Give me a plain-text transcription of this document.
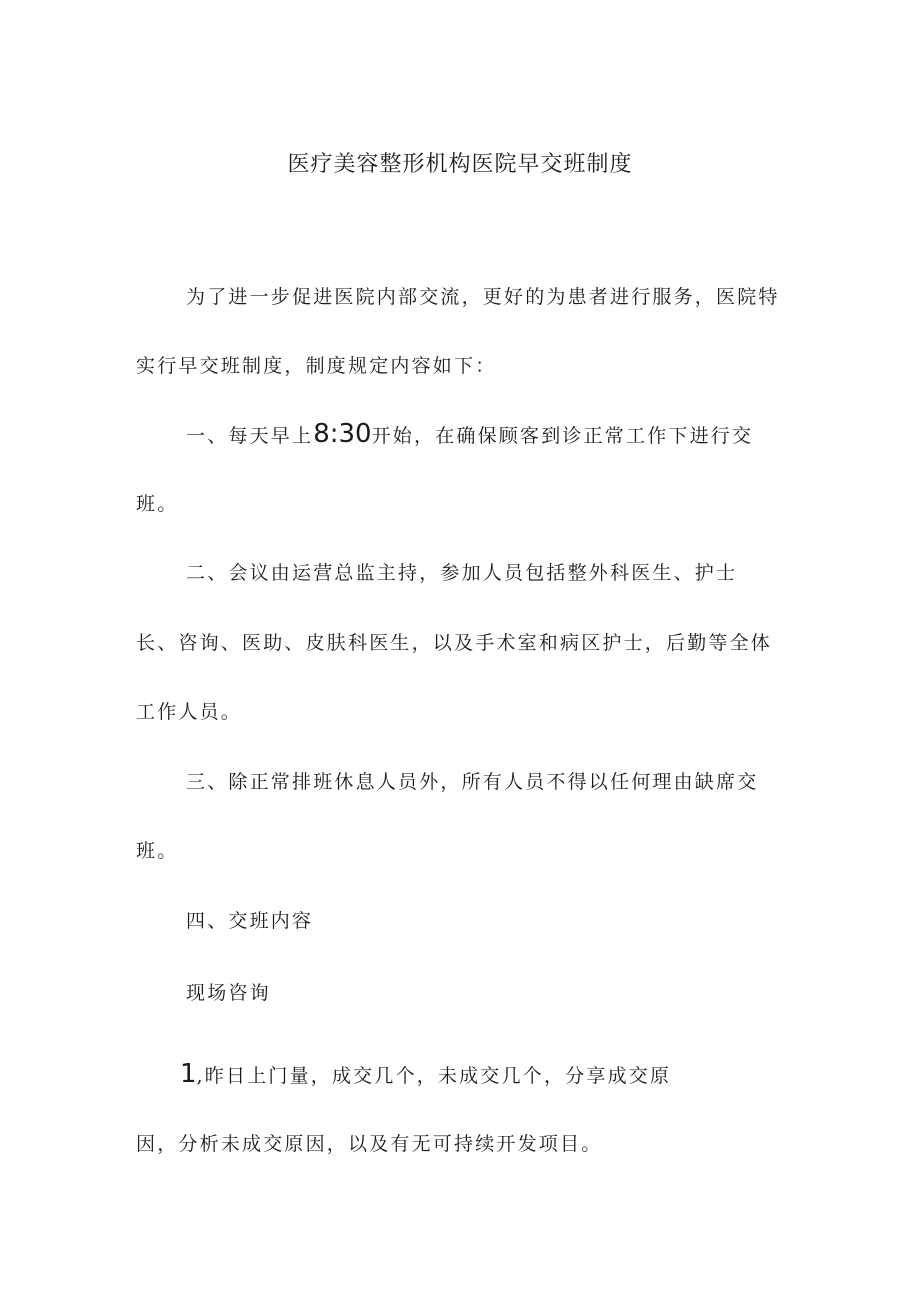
医疗美容整形机构医院早交班制度

为了进一步促进医院内部交流，更好的为患者进行服务，医院特

实行早交班制度，制度规定内容如下：

一、每天早上8:30开始，在确保顾客到诊正常工作下进行交

班。

二、会议由运营总监主持，参加人员包括整外科医生、护士

长、咨询、医助、皮肤科医生，以及手术室和病区护士，后勤等全体

工作人员。

三、除正常排班休息人员外，所有人员不得以任何理由缺席交

班。

四、交班内容

现场咨询

1,昨日上门量，成交几个，未成交几个，分享成交原

因，分析未成交原因，以及有无可持续开发项目。
